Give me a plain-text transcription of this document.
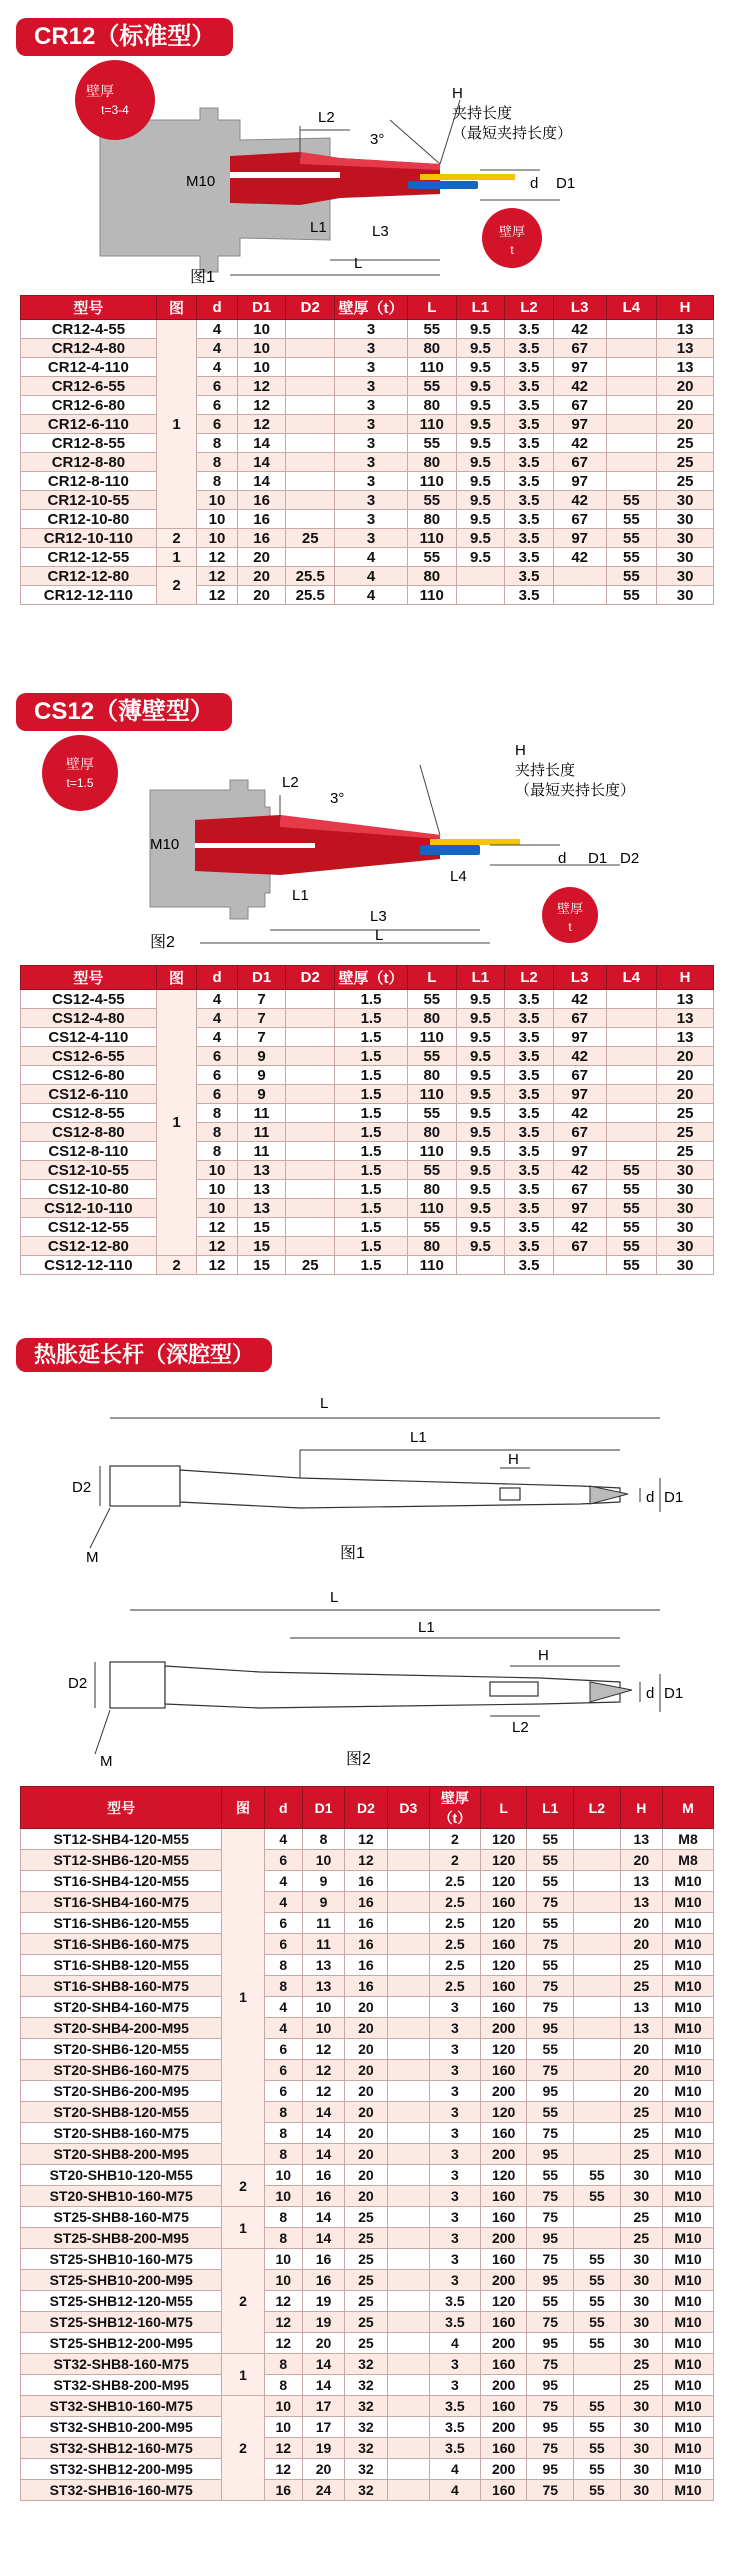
CR12（标准型）
H
夹持长度
（最短夹持长度）
L2
3°
M10	d D1
L1	L3
L
壁厚
t=3-4
壁厚
t
图1
型号	图	d	D1	D2	壁厚（t）	L	L1	L2	L3	L4	H
CR12-4-55	1	4	10		3	55	9.5	3.5	42		13
CR12-4-80		4	10		3	80	9.5	3.5	67		13
CR12-4-110		4	10		3	110	9.5	3.5	97		13
CR12-6-55		6	12		3	55	9.5	3.5	42		20
CR12-6-80		6	12		3	80	9.5	3.5	67		20
CR12-6-110		6	12		3	110	9.5	3.5	97		20
CR12-8-55		8	14		3	55	9.5	3.5	42		25
CR12-8-80		8	14		3	80	9.5	3.5	67		25
CR12-8-110		8	14		3	110	9.5	3.5	97		25
CR12-10-55		10	16		3	55	9.5	3.5	42	55	30
CR12-10-80		10	16		3	80	9.5	3.5	67	55	30
CR12-10-110	2	10	16	25	3	110	9.5	3.5	97	55	30
CR12-12-55	1	12	20		4	55	9.5	3.5	42	55	30
CR12-12-80	2	12	20	25.5	4	80		3.5		55	30
CR12-12-110		12	20	25.5	4	110		3.5		55	30
CS12（薄壁型）
H
夹持长度
（最短夹持长度）
L2
3°
M10
d D1 D2
L1
L3
L4
L
壁厚
t=1.5
壁厚
t
图2
型号	图	d	D1	D2	壁厚（t）	L	L1	L2	L3	L4	H
CS12-4-55	1	4	7		1.5	55	9.5	3.5	42		13
CS12-4-80		4	7		1.5	80	9.5	3.5	67		13
CS12-4-110		4	7		1.5	110	9.5	3.5	97		13
CS12-6-55		6	9		1.5	55	9.5	3.5	42		20
CS12-6-80		6	9		1.5	80	9.5	3.5	67		20
CS12-6-110		6	9		1.5	110	9.5	3.5	97		20
CS12-8-55		8	11		1.5	55	9.5	3.5	42		25
CS12-8-80		8	11		1.5	80	9.5	3.5	67		25
CS12-8-110		8	11		1.5	110	9.5	3.5	97		25
CS12-10-55		10	13		1.5	55	9.5	3.5	42	55	30
CS12-10-80		10	13		1.5	80	9.5	3.5	67	55	30
CS12-10-110		10	13		1.5	110	9.5	3.5	97	55	30
CS12-12-55		12	15		1.5	55	9.5	3.5	42	55	30
CS12-12-80		12	15		1.5	80	9.5	3.5	67	55	30
CS12-12-110	2	12	15	25	1.5	110		3.5		55	30
热胀延长杆（深腔型）
L
L1
H
D2
d D1
M	图1
L
L1
H
L2
D2
d D1
M	图2
型号	图	d	D1	D2	D3	壁厚（t）	L	L1	L2	H	M
ST12-SHB4-120-M55	1	4	8	12		2	120	55		13	M8
ST12-SHB6-120-M55		6	10	12		2	120	55		20	M8
ST16-SHB4-120-M55		4	9	16		2.5	120	55		13	M10
ST16-SHB4-160-M75		4	9	16		2.5	160	75		13	M10
ST16-SHB6-120-M55		6	11	16		2.5	120	55		20	M10
ST16-SHB6-160-M75		6	11	16		2.5	160	75		20	M10
ST16-SHB8-120-M55		8	13	16		2.5	120	55		25	M10
ST16-SHB8-160-M75		8	13	16		2.5	160	75		25	M10
ST20-SHB4-160-M75		4	10	20		3	160	75		13	M10
ST20-SHB4-200-M95		4	10	20		3	200	95		13	M10
ST20-SHB6-120-M55		6	12	20		3	120	55		20	M10
ST20-SHB6-160-M75		6	12	20		3	160	75		20	M10
ST20-SHB6-200-M95		6	12	20		3	200	95		20	M10
ST20-SHB8-120-M55		8	14	20		3	120	55		25	M10
ST20-SHB8-160-M75		8	14	20		3	160	75		25	M10
ST20-SHB8-200-M95		8	14	20		3	200	95		25	M10
ST20-SHB10-120-M55	2	10	16	20		3	120	55	55	30	M10
ST20-SHB10-160-M75		10	16	20		3	160	75	55	30	M10
ST25-SHB8-160-M75	1	8	14	25		3	160	75		25	M10
ST25-SHB8-200-M95		8	14	25		3	200	95		25	M10
ST25-SHB10-160-M75	2	10	16	25		3	160	75	55	30	M10
ST25-SHB10-200-M95		10	16	25		3	200	95	55	30	M10
ST25-SHB12-120-M55		12	19	25		3.5	120	55	55	30	M10
ST25-SHB12-160-M75		12	19	25		3.5	160	75	55	30	M10
ST25-SHB12-200-M95		12	20	25		4	200	95	55	30	M10
ST32-SHB8-160-M75	1	8	14	32		3	160	75		25	M10
ST32-SHB8-200-M95		8	14	32		3	200	95		25	M10
ST32-SHB10-160-M75	2	10	17	32		3.5	160	75	55	30	M10
ST32-SHB10-200-M95		10	17	32		3.5	200	95	55	30	M10
ST32-SHB12-160-M75		12	19	32		3.5	160	75	55	30	M10
ST32-SHB12-200-M95		12	20	32		4	200	95	55	30	M10
ST32-SHB16-160-M75		16	24	32		4	160	75	55	30	M10
